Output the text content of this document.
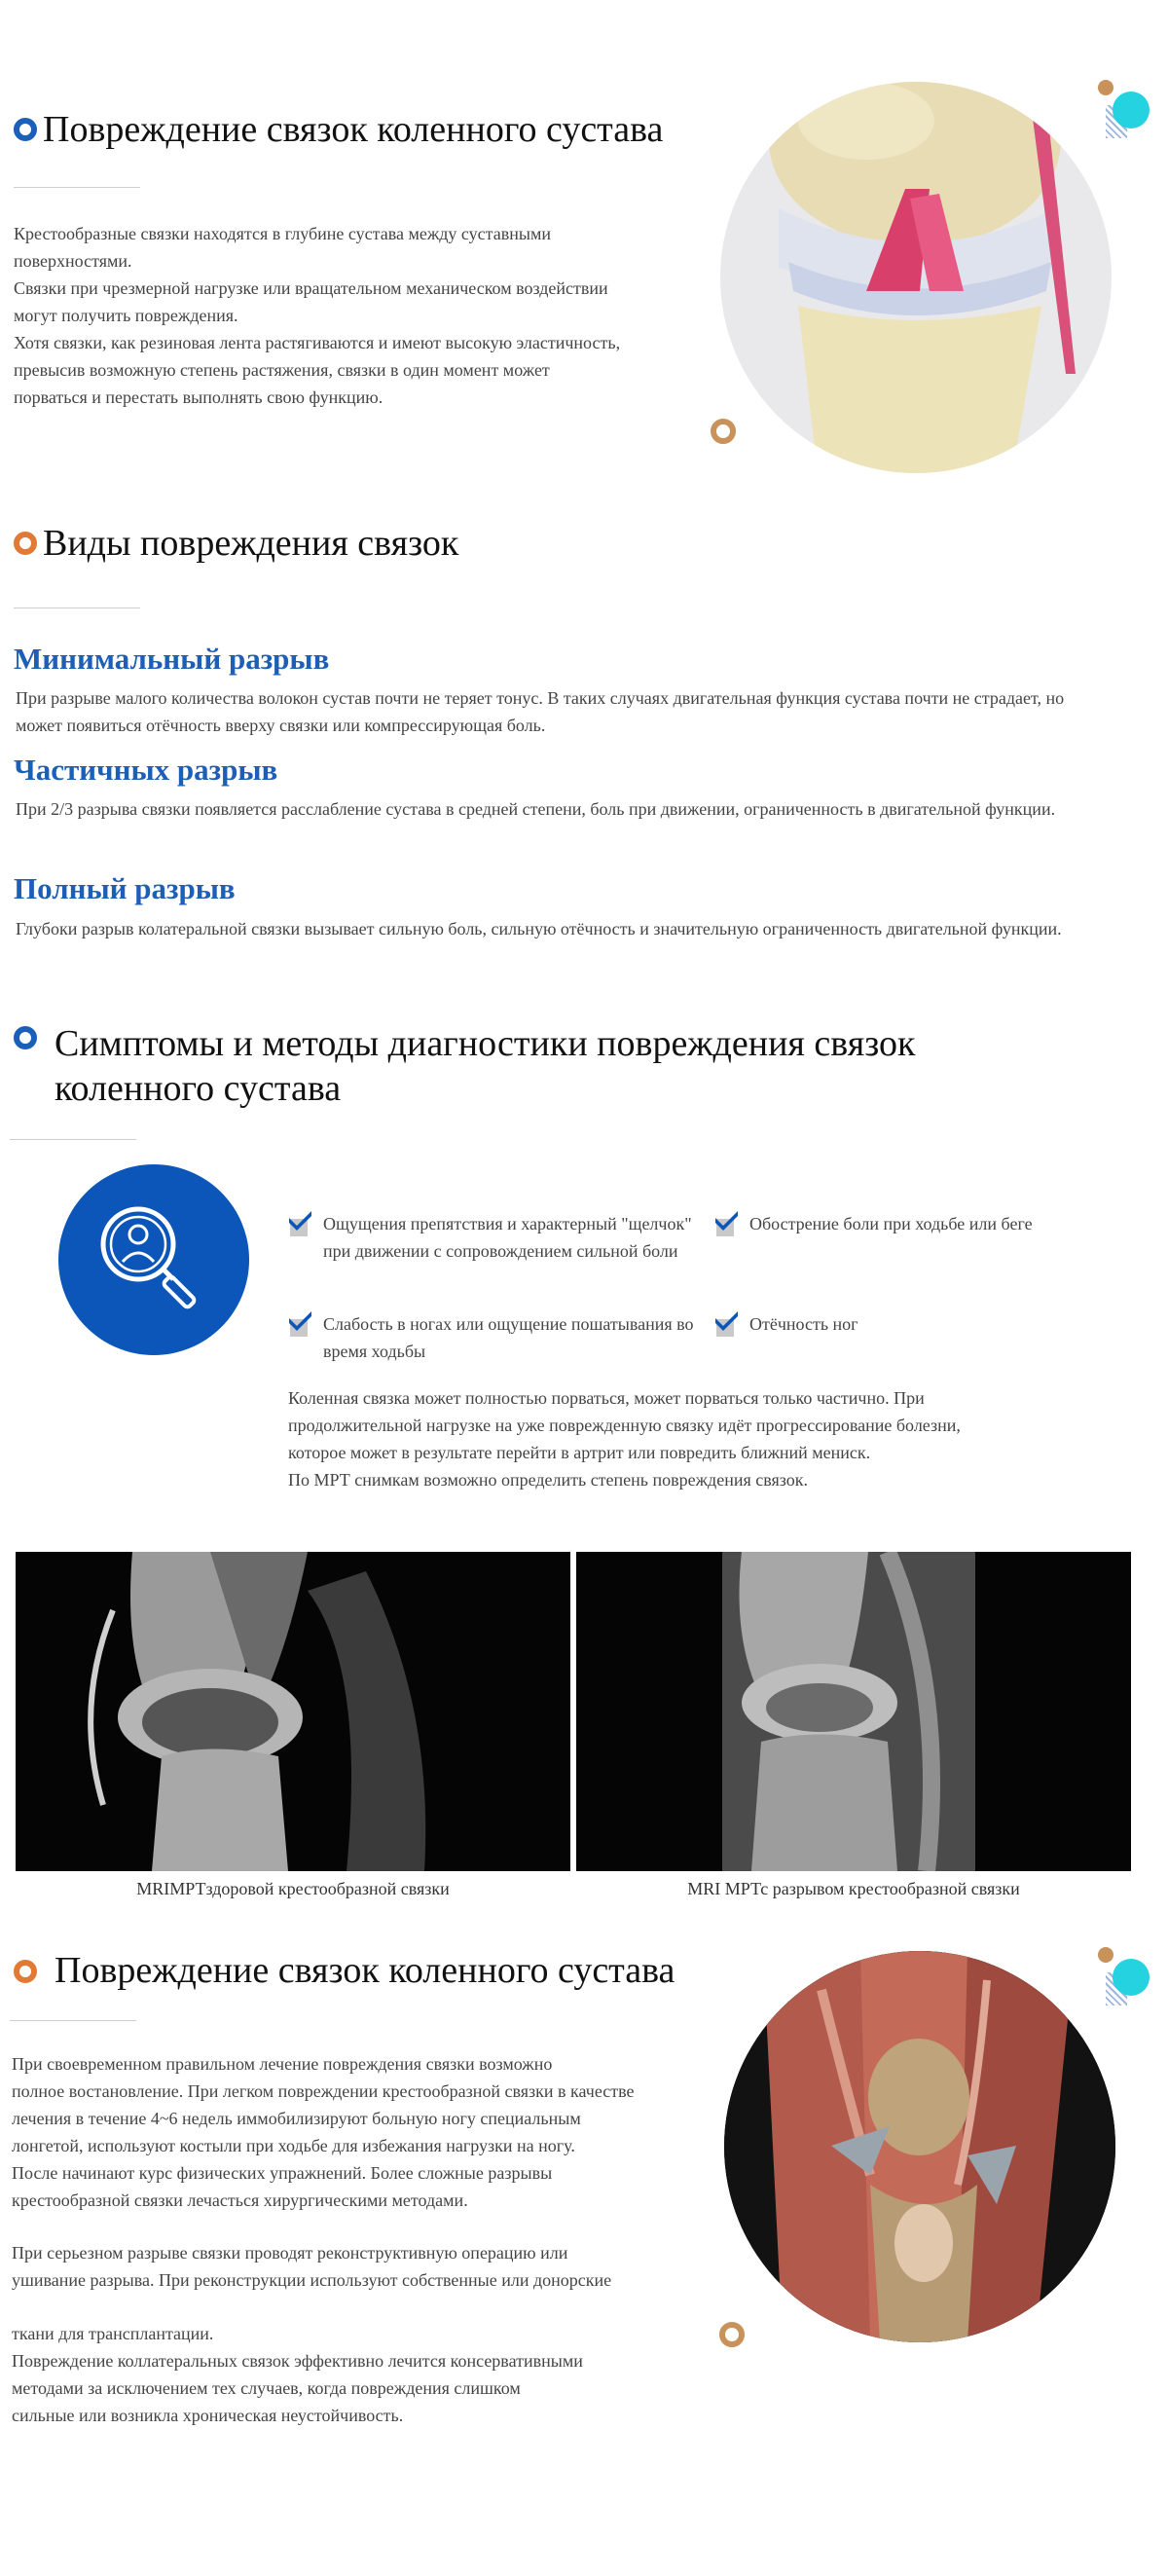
Повреждение связок коленного сустава

Крестообразные связки находятся в глубине сустава между суставными
поверхностями.
Связки при чрезмерной нагрузке или вращательном механическом воздействии
могут получить повреждения.
Хотя связки, как резиновая лента растягиваются и имеют высокую эластичность,
превысив возможную степень растяжения, связки в один момент может
порваться и перестать выполнять свою функцию.

Виды повреждения связок
Минимальный разрыв

При разрыве малого количества волокон сустав почти не теряет тонус. В таких случаях двигательная функция сустава почти не страдает, но может появиться отёчность вверху связки или компрессирующая боль.

Частичных разрыв

При 2/3 разрыва связки появляется расслабление сустава в средней степени, боль при движении, ограниченность в двигательной функции.

Полный разрыв

Глубоки разрыв колатеральной связки вызывает сильную боль, сильную отёчность и значительную ограниченность двигательной функции.

Симптомы и методы диагностики повреждения связок
коленного сустава
Ощущения препятствия и характерный "щелчок" при движении с сопровождением сильной боли
Обострение боли при ходьбе или беге
Слабость в ногах или ощущение пошатывания во время ходьбы
Отёчность ног

Коленная связка может полностью порваться, может порваться только частично. При
продолжительной нагрузке на уже поврежденную связку идёт прогрессирование болезни,
которое может в результате перейти в артрит или повредить ближний мениск.
По МРТ снимкам возможно определить степень повреждения связок.

MRIМРТздоровой крестообразной связки	MRI МРТс разрывом крестообразной связки
Повреждение связок коленного сустава

При своевременном правильном лечение повреждения связки возможно
полное востановление. При легком повреждении крестообразной связки в качестве
лечения в течение 4~6 недель иммобилизируют больную ногу специальным
лонгетой, используют костыли при ходьбе для избежания нагрузки на ногу.
После начинают курс физических упражнений. Более сложные разрывы
крестообразной связки лечасться хирургическими методами.

При серьезном разрыве связки проводят реконструктивную операцию или
ушивание разрыва. При реконструкции используют собственные или донорские

ткани для трансплантации.
Повреждение коллатеральных связок эффективно лечится консервативными
методами за исключением тех случаев, когда повреждения слишком
сильные или возникла хроническая неустойчивость.
